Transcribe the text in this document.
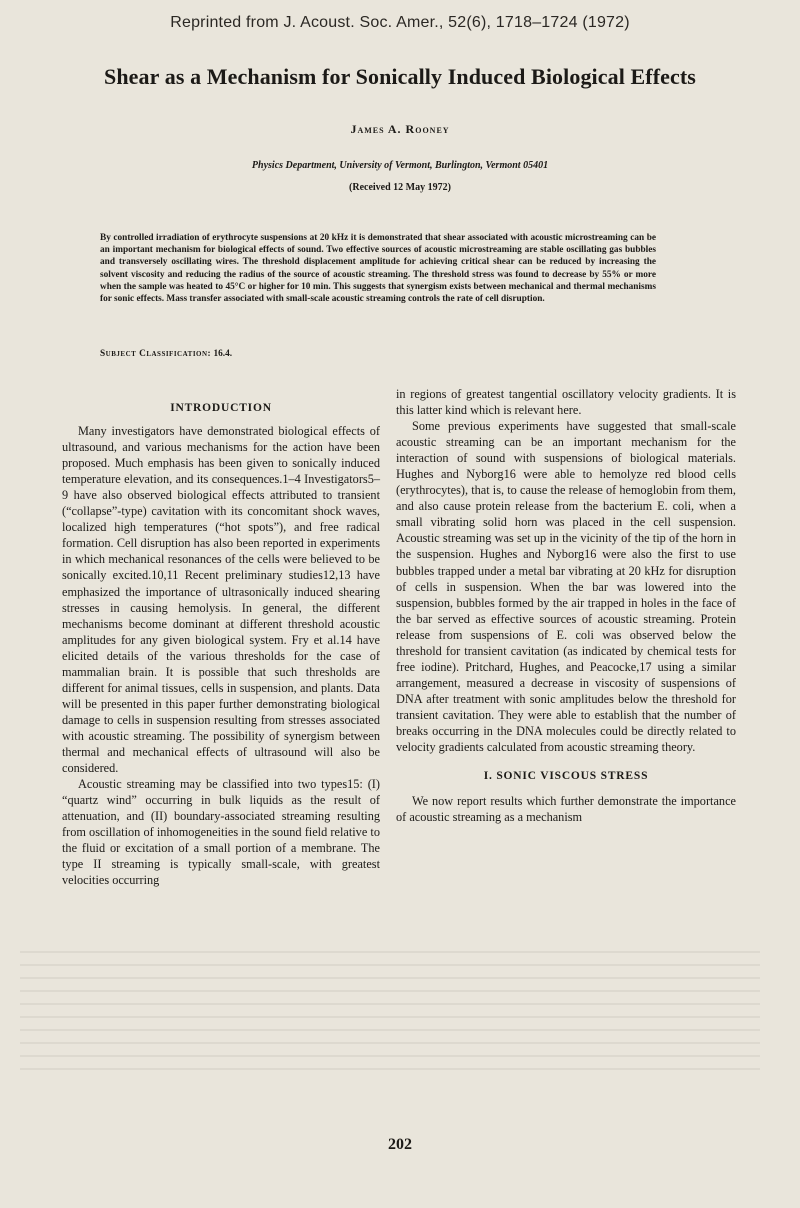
Reprinted from J. Acoust. Soc. Amer., 52(6), 1718–1724 (1972)
Shear as a Mechanism for Sonically Induced Biological Effects
James A. Rooney
Physics Department, University of Vermont, Burlington, Vermont 05401
(Received 12 May 1972)
By controlled irradiation of erythrocyte suspensions at 20 kHz it is demonstrated that shear associated with acoustic microstreaming can be an important mechanism for biological effects of sound. Two effective sources of acoustic microstreaming are stable oscillating gas bubbles and transversely oscillating wires. The threshold displacement amplitude for achieving critical shear can be reduced by increasing the solvent viscosity and reducing the radius of the source of acoustic streaming. The threshold stress was found to decrease by 55% or more when the sample was heated to 45°C or higher for 10 min. This suggests that synergism exists between mechanical and thermal mechanisms for sonic effects. Mass transfer associated with small-scale acoustic streaming controls the rate of cell disruption.
Subject Classification: 16.4.
INTRODUCTION

Many investigators have demonstrated biological effects of ultrasound, and various mechanisms for the action have been proposed. Much emphasis has been given to sonically induced temperature elevation, and its consequences.1–4 Investigators5–9 have also observed biological effects attributed to transient (“collapse”-type) cavitation with its concomitant shock waves, localized high temperatures (“hot spots”), and free radical formation. Cell disruption has also been reported in experiments in which mechanical resonances of the cells were believed to be sonically excited.10,11 Recent preliminary studies12,13 have emphasized the importance of ultrasonically induced shearing stresses in causing hemolysis. In general, the different mechanisms become dominant at different threshold acoustic amplitudes for any given biological system. Fry et al.14 have elicited details of the various thresholds for the case of mammalian brain. It is possible that such thresholds are different for animal tissues, cells in suspension, and plants. Data will be presented in this paper further demonstrating biological damage to cells in suspension resulting from stresses associated with acoustic streaming. The possibility of synergism between thermal and mechanical effects of ultrasound will also be considered.

Acoustic streaming may be classified into two types15: (I) “quartz wind” occurring in bulk liquids as the result of attenuation, and (II) boundary-associated streaming resulting from oscillation of inhomogeneities in the sound field relative to the fluid or excitation of a small portion of a membrane. The type II streaming is typically small-scale, with greatest velocities occurring

in regions of greatest tangential oscillatory velocity gradients. It is this latter kind which is relevant here.

Some previous experiments have suggested that small-scale acoustic streaming can be an important mechanism for the interaction of sound with suspensions of biological materials. Hughes and Nyborg16 were able to hemolyze red blood cells (erythrocytes), that is, to cause the release of hemoglobin from them, and also cause protein release from the bacterium E. coli, when a small vibrating solid horn was placed in the cell suspension. Acoustic streaming was set up in the vicinity of the tip of the horn in the suspension. Hughes and Nyborg16 were also the first to use bubbles trapped under a metal bar vibrating at 20 kHz for disruption of cells in suspension. When the bar was lowered into the suspension, bubbles formed by the air trapped in holes in the face of the bar served as effective sources of acoustic streaming. Protein release from suspensions of E. coli was observed below the threshold for transient cavitation (as indicated by chemical tests for free iodine). Pritchard, Hughes, and Peacocke,17 using a similar arrangement, measured a decrease in viscosity of suspensions of DNA after treatment with sonic amplitudes below the threshold for transient cavitation. They were able to establish that the number of breaks occurring in the DNA molecules could be directly related to velocity gradients calculated from acoustic streaming theory.

I. SONIC VISCOUS STRESS

We now report results which further demonstrate the importance of acoustic streaming as a mechanism

202
